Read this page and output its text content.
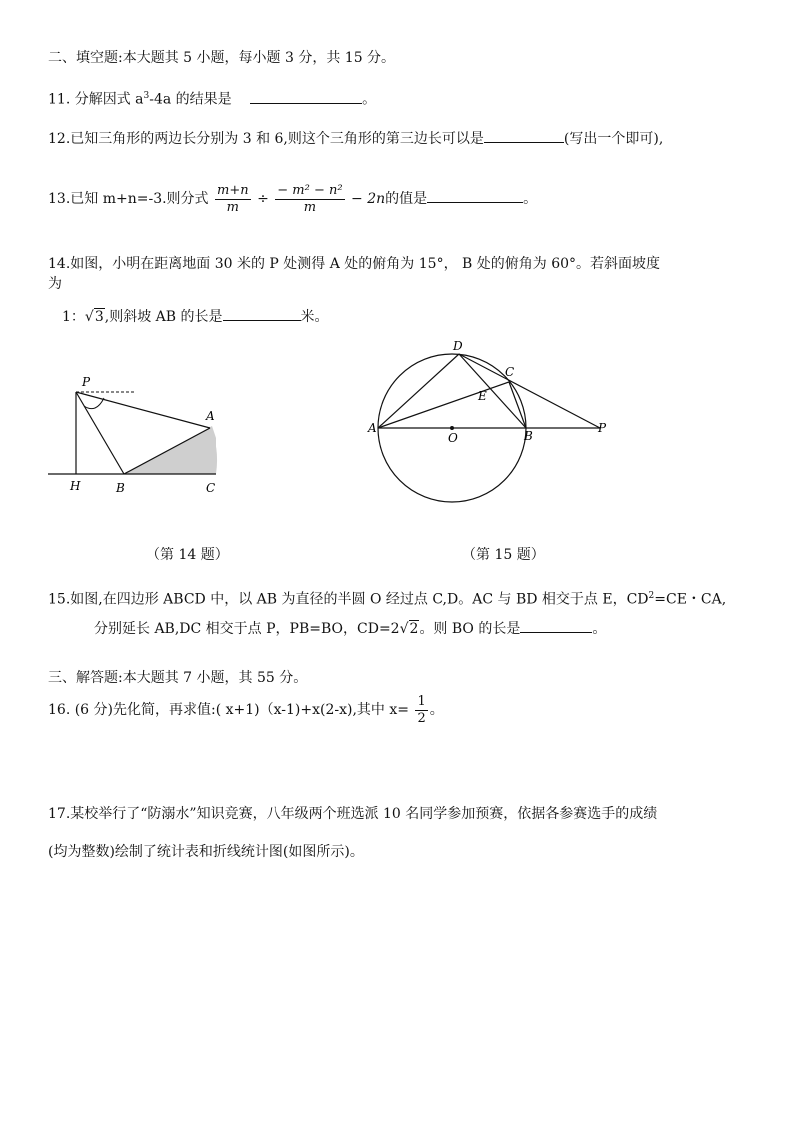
二、填空题:本大题其 5 小题，每小题 3 分，共 15 分。
11. 分解因式 $a^3-4a$ 的结果是	。
12.已知三角形的两边长分别为 3 和 6,则这个三角形的第三边长可以是	(写出一个即可),
13.已知 m+n=-3.则分式 $\frac{m+n}{m} \div \frac{\text{− m² − n²}}{m} - 2n$的值是	。
14.如图，小明在距离地面 30 米的 P 处测得 A 处的俯角为 15°， B 处的俯角为 60°。若斜面坡度
为
1：√3,则斜坡 AB 的长是	米。
P
A
H	B	C
D
C
E
A
O	B
P
（第 14 题）	（第 15 题）
15.如图,在四边形 ABCD 中，以 AB 为直径的半圆 O 经过点 C,D。AC 与 BD 相交于点 E，$CD^2=CE$・CA,
分别延长 AB,DC 相交于点 P，PB=BO，CD=2√2。则 BO 的长是	。
三、解答题:本大题其 7 小题，其 55 分。
16. (6 分)先化简，再求值:( x+1)（x-1)+x(2-x),其中 $x= \frac{1}{2}$ 。
17.某校举行了“防溺水”知识竞赛，八年级两个班选派 10 名同学参加预赛，依据各参赛选手的成绩
(均为整数)绘制了统计表和折线统计图(如图所示)。
